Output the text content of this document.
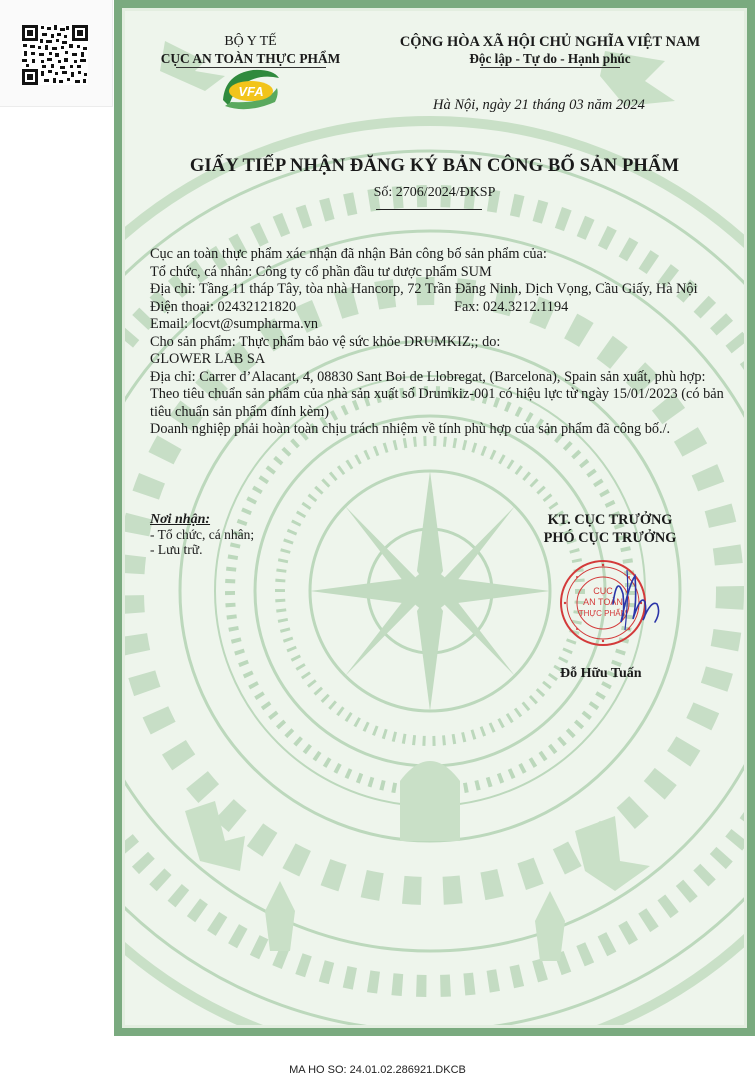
BỘ Y TẾ
CỤC AN TOÀN THỰC PHẨM
VFA
CỘNG HÒA XÃ HỘI CHỦ NGHĨA VIỆT NAM
Độc lập - Tự do - Hạnh phúc
Hà Nội, ngày 21 tháng 03 năm 2024
GIẤY TIẾP NHẬN ĐĂNG KÝ BẢN CÔNG BỐ SẢN PHẨM
Số: 2706/2024/ĐKSP

Cục an toàn thực phẩm xác nhận đã nhận Bản công bố sản phẩm của:

Tổ chức, cá nhân: Công ty cổ phần đầu tư dược phẩm SUM

Địa chỉ: Tầng 11 tháp Tây, tòa nhà Hancorp, 72 Trần Đăng Ninh, Dịch Vọng, Cầu Giấy, Hà Nội

Điện thoại: 02432121820	Fax: 024.3212.1194

Email: locvt@sumpharma.vn

Cho sản phẩm: Thực phẩm bảo vệ sức khỏe DRUMKIZ;; do:

GLOWER LAB SA

Địa chỉ: Carrer d’Alacant, 4, 08830 Sant Boi de Llobregat, (Barcelona), Spain sản xuất, phù hợp:

Theo tiêu chuẩn sản phẩm của nhà sản xuất số Drumkiz-001 có hiệu lực từ ngày 15/01/2023 (có bản tiêu chuẩn sản phẩm đính kèm)

Doanh nghiệp phải hoàn toàn chịu trách nhiệm về tính phù hợp của sản phẩm đã công bố./.

Nơi nhận:
- Tổ chức, cá nhân;
- Lưu trữ.
KT. CỤC TRƯỞNG
PHÓ CỤC TRƯỞNG
CỤC
AN TOÀN
THỰC PHẨM
Đỗ Hữu Tuấn
MA HO SO: 24.01.02.286921.DKCB
